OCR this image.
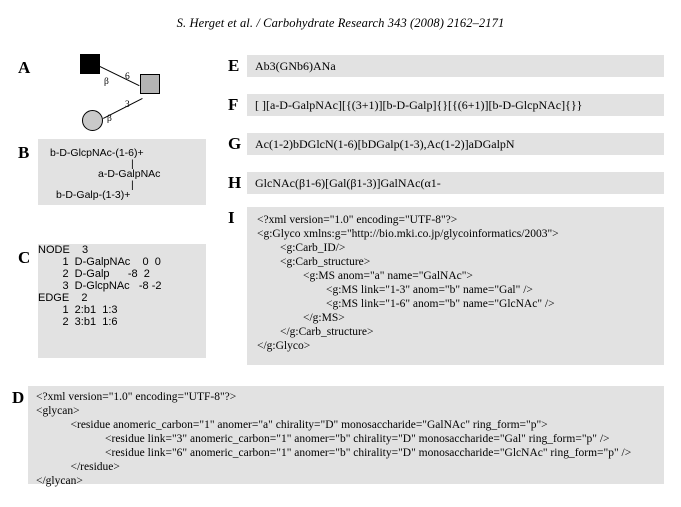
S. Herget et al. / Carbohydrate Research 343 (2008) 2162–2171
A
β 6
3
β
B b-D-GlcpNAc-(1-6)+
|
a-D-GalpNAc
|
b-D-Galp-(1-3)+
C NODE    3
1  D-GalpNAc    0  0
2  D-Galp      -8  2
3  D-GlcpNAc   -8 -2
EDGE    2
1  2:b1  1:3
2  3:b1  1:6
D <?xml version="1.0" encoding="UTF-8"?>
<glycan>
<residue anomeric_carbon="1" anomer="a" chirality="D" monosaccharide="GalNAc" ring_form="p">
<residue link="3" anomeric_carbon="1" anomer="b" chirality="D" monosaccharide="Gal" ring_form="p" />
<residue link="6" anomeric_carbon="1" anomer="b" chirality="D" monosaccharide="GlcNAc" ring_form="p" />
</residue>
</glycan>
E Ab3(GNb6)ANa
F [ ][a-D-GalpNAc][{(3+1)][b-D-Galp]{}[{(6+1)][b-D-GlcpNAc]{}}
G Ac(1-2)bDGlcN(1-6)[bDGalp(1-3),Ac(1-2)]aDGalpN
H GlcNAc(β1-6)[Gal(β1-3)]GalNAc(α1-
I <?xml version="1.0" encoding="UTF-8"?>
<g:Glyco xmlns:g="http://bio.mki.co.jp/glycoinformatics/2003">
<g:Carb_ID/>
<g:Carb_structure>
<g:MS anom="a" name="GalNAc">
<g:MS link="1-3" anom="b" name="Gal" />
<g:MS link="1-6" anom="b" name="GlcNAc" />
</g:MS>
</g:Carb_structure>
</g:Glyco>
